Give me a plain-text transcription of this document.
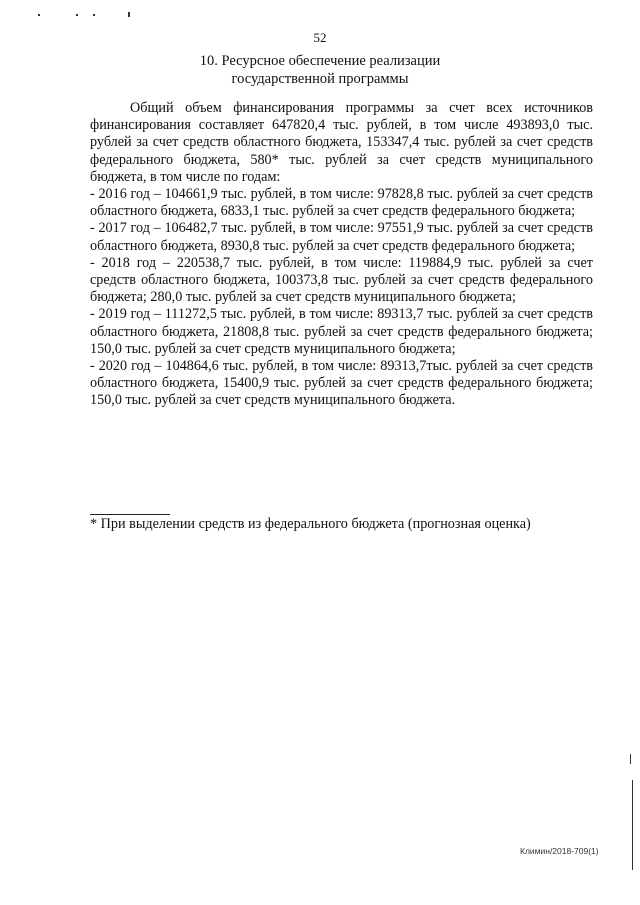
52
10. Ресурсное обеспечение реализации
государственной программы

Общий объем финансирования программы за счет всех источников финансирования составляет 647820,4 тыс. рублей, в том числе 493893,0 тыс. рублей за счет средств областного бюджета, 153347,4 тыс. рублей за счет средств федерального бюджета, 580* тыс. рублей за счет средств муниципального бюджета, в том числе по годам:

- 2016 год – 104661,9 тыс. рублей, в том числе: 97828,8 тыс. рублей за счет средств областного бюджета, 6833,1 тыс. рублей за счет средств федерального бюджета;

- 2017 год – 106482,7 тыс. рублей, в том числе: 97551,9 тыс. рублей за счет средств областного бюджета, 8930,8 тыс. рублей за счет средств федерального бюджета;

- 2018 год – 220538,7 тыс. рублей, в том числе: 119884,9 тыс. рублей за счет средств областного бюджета, 100373,8 тыс. рублей за счет средств федерального бюджета; 280,0 тыс. рублей за счет средств муниципального бюджета;

- 2019 год – 111272,5 тыс. рублей, в том числе: 89313,7 тыс. рублей за счет средств областного бюджета, 21808,8 тыс. рублей за счет средств федерального бюджета; 150,0 тыс. рублей за счет средств муниципального бюджета;

- 2020 год – 104864,6 тыс. рублей, в том числе: 89313,7тыс. рублей за счет средств областного бюджета, 15400,9 тыс. рублей за счет средств федерального бюджета; 150,0 тыс. рублей за счет средств муниципального бюджета.

* При выделении средств из федерального бюджета (прогнозная оценка)
Климин/2018-709(1)
